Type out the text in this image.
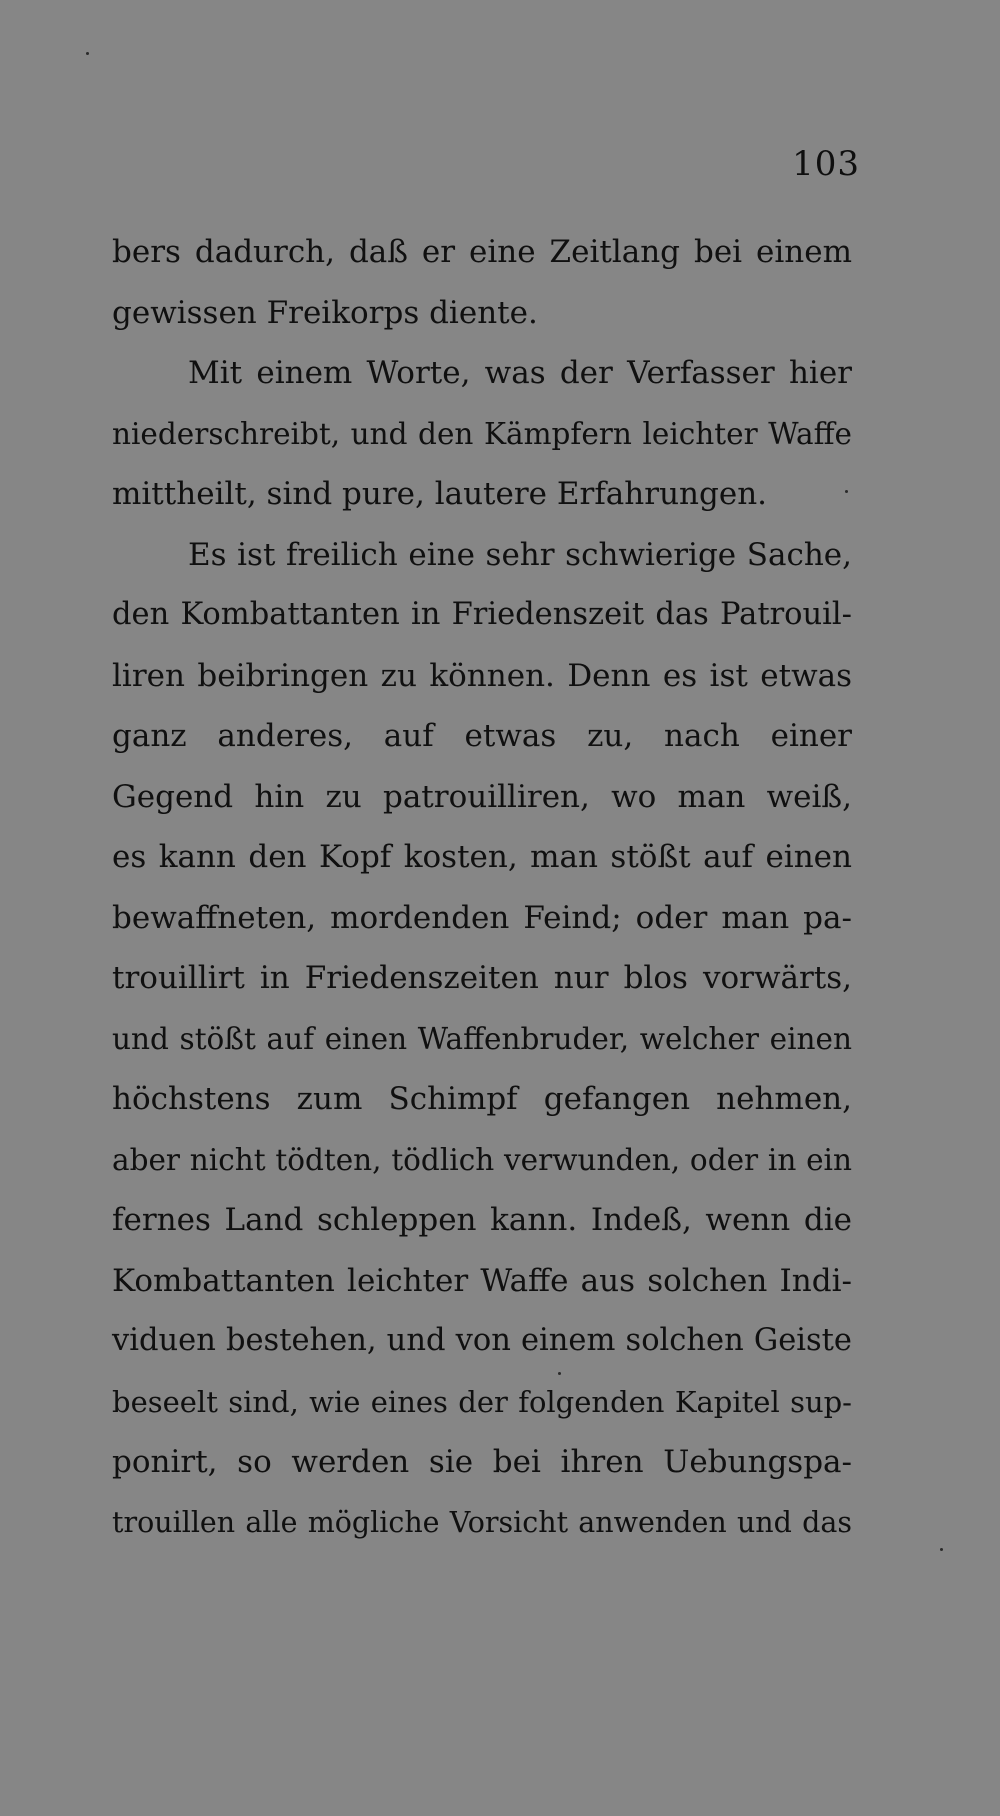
103
bers dadurch, daß er eine Zeitlang bei einem
gewissen Freikorps diente.
Mit einem Worte, was der Verfasser hier
niederschreibt, und den Kämpfern leichter Waffe
mittheilt, sind pure, lautere Erfahrungen.
Es ist freilich eine sehr schwierige Sache,
den Kombattanten in Friedenszeit das Patrouil-
liren beibringen zu können. Denn es ist etwas
ganz anderes, auf etwas zu, nach einer
Gegend hin zu patrouilliren, wo man weiß,
es kann den Kopf kosten, man stößt auf einen
bewaffneten, mordenden Feind; oder man pa-
trouillirt in Friedenszeiten nur blos vorwärts,
und stößt auf einen Waffenbruder, welcher einen
höchstens zum Schimpf gefangen nehmen,
aber nicht tödten, tödlich verwunden, oder in ein
fernes Land schleppen kann. Indeß, wenn die
Kombattanten leichter Waffe aus solchen Indi-
viduen bestehen, und von einem solchen Geiste
beseelt sind, wie eines der folgenden Kapitel sup-
ponirt, so werden sie bei ihren Uebungspa-
trouillen alle mögliche Vorsicht anwenden und das
